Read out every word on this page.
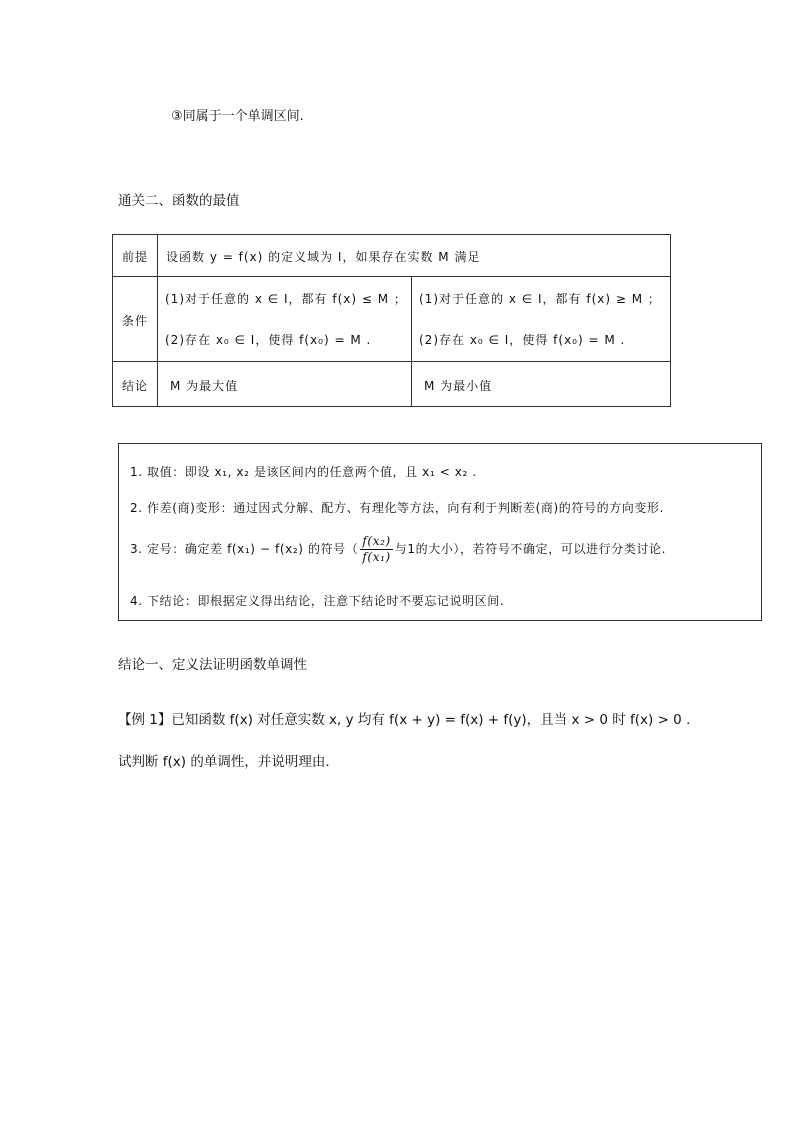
③同属于一个单调区间.
通关二、函数的最值
前提 设函数 y = f(x) 的定义域为 I，如果存在实数 M 满足
条件
(1)对于任意的 x ∈ I，都有 f(x) ≤ M ；
(2)存在 x₀ ∈ I，使得 f(x₀) = M .
(1)对于任意的 x ∈ I，都有 f(x) ≥ M ；
(2)存在 x₀ ∈ I，使得 f(x₀) = M .
结论 M 为最大值	M 为最小值
1. 取值：即设 x₁, x₂ 是该区间内的任意两个值，且 x₁ < x₂ .
2. 作差(商)变形：通过因式分解、配方、有理化等方法，向有利于判断差(商)的符号的方向变形.
3. 定号：确定差 f(x₁) − f(x₂) 的符号（ $\frac{\text{f(x₂)}}{\text{f(x₁)}}$ 与1的大小），若符号不确定，可以进行分类讨论.
4. 下结论：即根据定义得出结论，注意下结论时不要忘记说明区间.
结论一、定义法证明函数单调性
【例 1】已知函数 f(x) 对任意实数 x, y 均有 f(x + y) = f(x) + f(y)，且当 x > 0 时 f(x) > 0 .
试判断 f(x) 的单调性，并说明理由.
